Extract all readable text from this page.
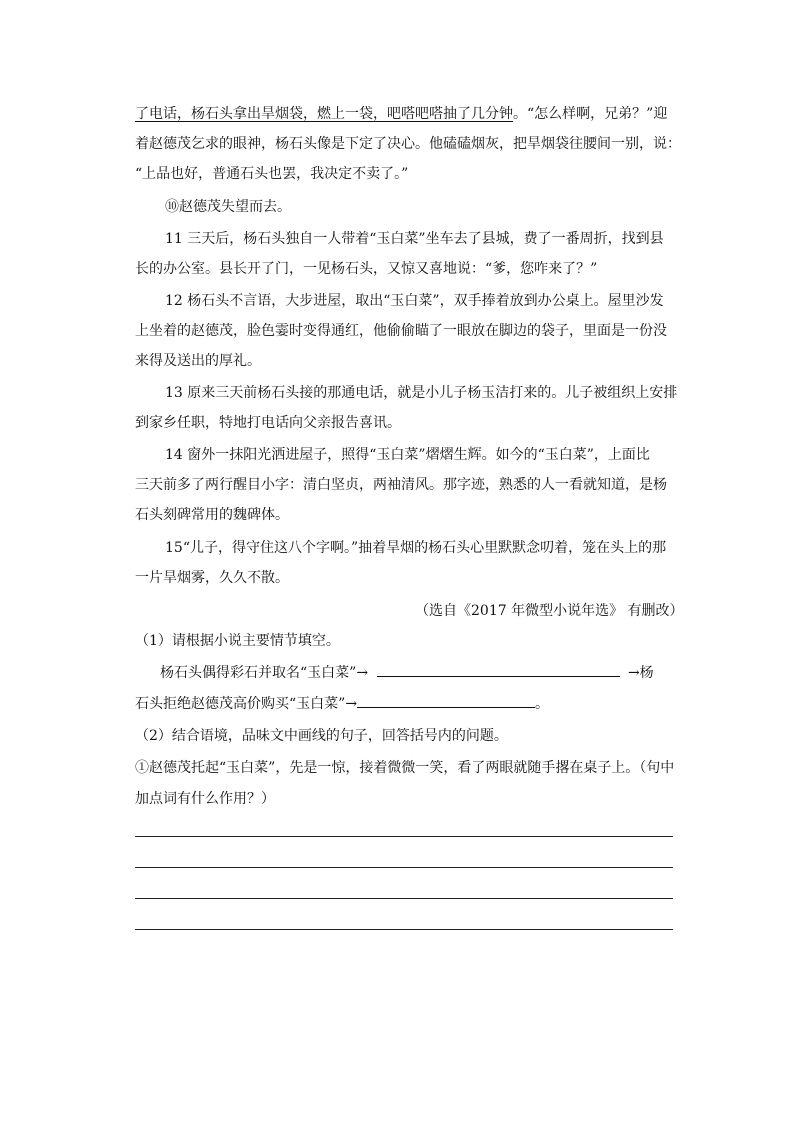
了电话，杨石头拿出旱烟袋，燃上一袋，吧嗒吧嗒抽了几分钟。“怎么样啊，兄弟？”迎
着赵德茂乞求的眼神，杨石头像是下定了决心。他磕磕烟灰，把旱烟袋往腰间一别，说：
“上品也好，普通石头也罢，我决定不卖了。”
⑩赵德茂失望而去。
11 三天后，杨石头独自一人带着“玉白菜”坐车去了县城，费了一番周折，找到县
长的办公室。县长开了门，一见杨石头，又惊又喜地说：“爹，您咋来了？”
12 杨石头不言语，大步进屋，取出“玉白菜”，双手捧着放到办公桌上。屋里沙发
上坐着的赵德茂，脸色霎时变得通红，他偷偷瞄了一眼放在脚边的袋子，里面是一份没
来得及送出的厚礼。
13 原来三天前杨石头接的那通电话，就是小儿子杨玉洁打来的。儿子被组织上安排
到家乡任职，特地打电话向父亲报告喜讯。
14 窗外一抹阳光洒进屋子，照得“玉白菜”熠熠生辉。如今的“玉白菜”，上面比
三天前多了两行醒目小字：清白坚贞，两袖清风。那字迹，熟悉的人一看就知道，是杨
石头刻碑常用的魏碑体。
15“儿子，得守住这八个字啊。”抽着旱烟的杨石头心里默默念叨着，笼在头上的那
一片旱烟雾，久久不散。
（选自《2017 年微型小说年选》 有删改）
（1）请根据小说主要情节填空。
杨石头偶得彩石并取名“玉白菜”→	→杨
石头拒绝赵德茂高价购买“玉白菜”→	。
（2）结合语境，品味文中画线的句子，回答括号内的问题。
①赵德茂托起“玉白菜”，先是一惊，接着微微一笑，看了两眼就随手撂在桌子上。（句中
加点词有什么作用？）
